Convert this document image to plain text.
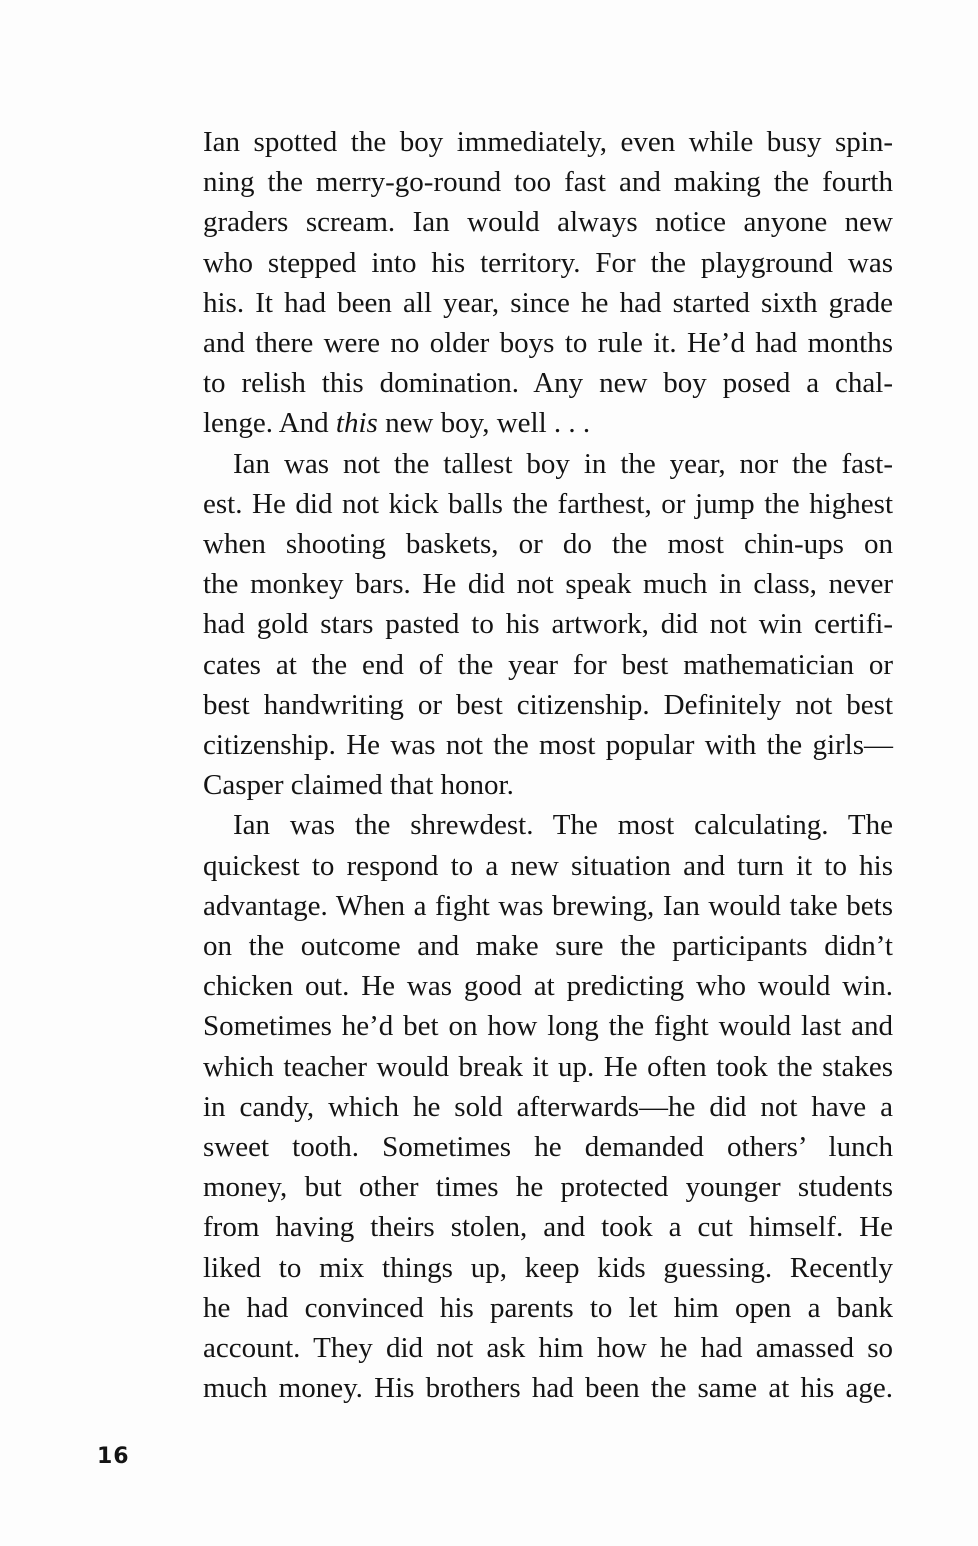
Ian spotted the boy immediately, even while busy spin-
ning the merry-go-round too fast and making the fourth
graders scream. Ian would always notice anyone new
who stepped into his territory. For the playground was
his. It had been all year, since he had started sixth grade
and there were no older boys to rule it. He’d had months
to relish this domination. Any new boy posed a chal-
lenge. And this new boy, well . . .

Ian was not the tallest boy in the year, nor the fast-
est. He did not kick balls the farthest, or jump the highest
when shooting baskets, or do the most chin-ups on
the monkey bars. He did not speak much in class, never
had gold stars pasted to his artwork, did not win certifi-
cates at the end of the year for best mathematician or
best handwriting or best citizenship. Definitely not best
citizenship. He was not the most popular with the girls—
Casper claimed that honor.

Ian was the shrewdest. The most calculating. The
quickest to respond to a new situation and turn it to his
advantage. When a fight was brewing, Ian would take bets
on the outcome and make sure the participants didn’t
chicken out. He was good at predicting who would win.
Sometimes he’d bet on how long the fight would last and
which teacher would break it up. He often took the stakes
in candy, which he sold afterwards—he did not have a
sweet tooth. Sometimes he demanded others’ lunch
money, but other times he protected younger students
from having theirs stolen, and took a cut himself. He
liked to mix things up, keep kids guessing. Recently
he had convinced his parents to let him open a bank
account. They did not ask him how he had amassed so
much money. His brothers had been the same at his age.

16
